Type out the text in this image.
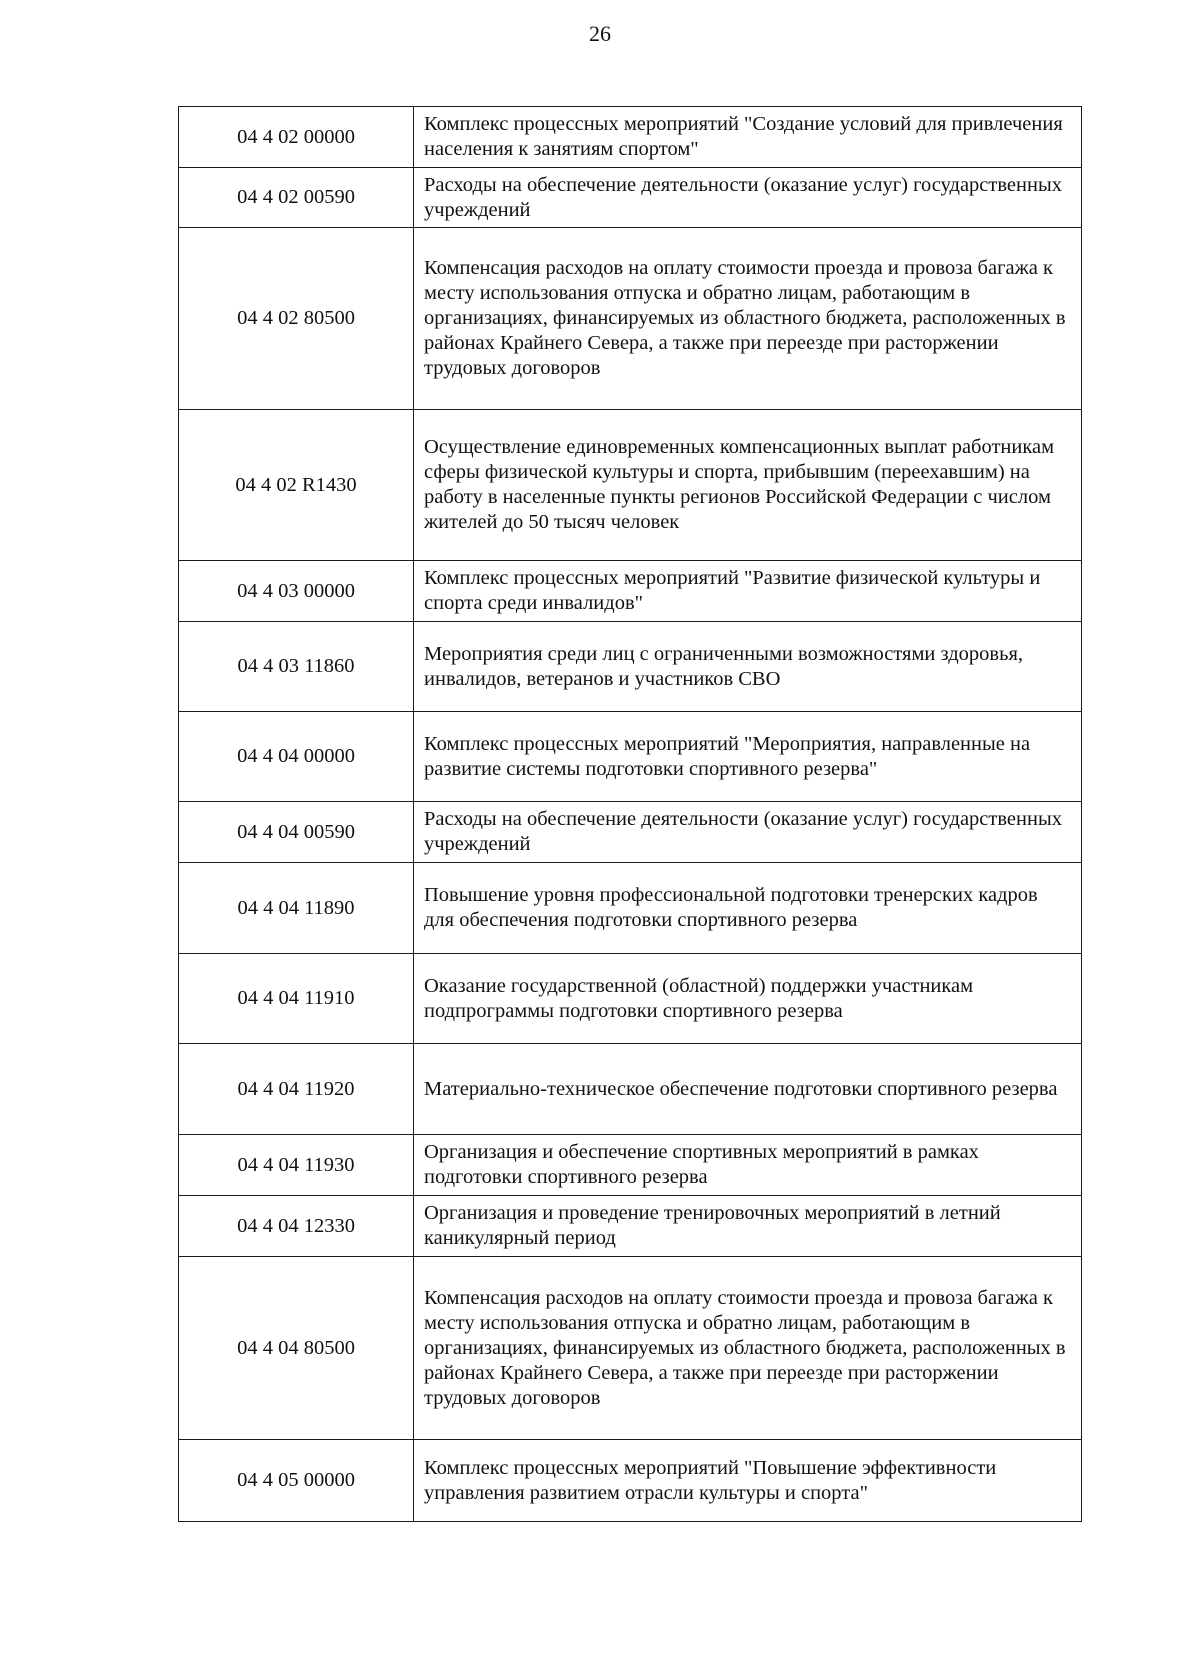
26
04 4 02 00000	Комплекс процессных мероприятий "Создание условий для привлечения населения к занятиям спортом"
04 4 02 00590	Расходы на обеспечение деятельности (оказание услуг) государственных учреждений
04 4 02 80500	Компенсация расходов на оплату стоимости проезда и провоза багажа к месту использования отпуска и обратно лицам, работающим в организациях, финансируемых из областного бюджета, расположенных в районах Крайнего Севера, а также при переезде при расторжении трудовых договоров
04 4 02 R1430	Осуществление единовременных компенсационных выплат работникам сферы физической культуры и спорта, прибывшим (переехавшим) на работу в населенные пункты регионов Российской Федерации с числом жителей до 50 тысяч человек
04 4 03 00000	Комплекс процессных мероприятий "Развитие физической культуры и спорта среди инвалидов"
04 4 03 11860	Мероприятия среди лиц с ограниченными возможностями здоровья, инвалидов, ветеранов и участников СВО
04 4 04 00000	Комплекс процессных мероприятий "Мероприятия, направленные на развитие системы подготовки спортивного резерва"
04 4 04 00590	Расходы на обеспечение деятельности (оказание услуг) государственных учреждений
04 4 04 11890	Повышение уровня профессиональной подготовки тренерских кадров для обеспечения подготовки спортивного резерва
04 4 04 11910	Оказание государственной (областной) поддержки участникам подпрограммы подготовки спортивного резерва
04 4 04 11920	Материально-техническое обеспечение подготовки спортивного резерва
04 4 04 11930	Организация и обеспечение спортивных мероприятий в рамках подготовки спортивного резерва
04 4 04 12330	Организация и проведение тренировочных мероприятий в летний каникулярный период
04 4 04 80500	Компенсация расходов на оплату стоимости проезда и провоза багажа к месту использования отпуска и обратно лицам, работающим в организациях, финансируемых из областного бюджета, расположенных в районах Крайнего Севера, а также при переезде при расторжении трудовых договоров
04 4 05 00000	Комплекс процессных мероприятий "Повышение эффективности управления развитием отрасли культуры и спорта"
